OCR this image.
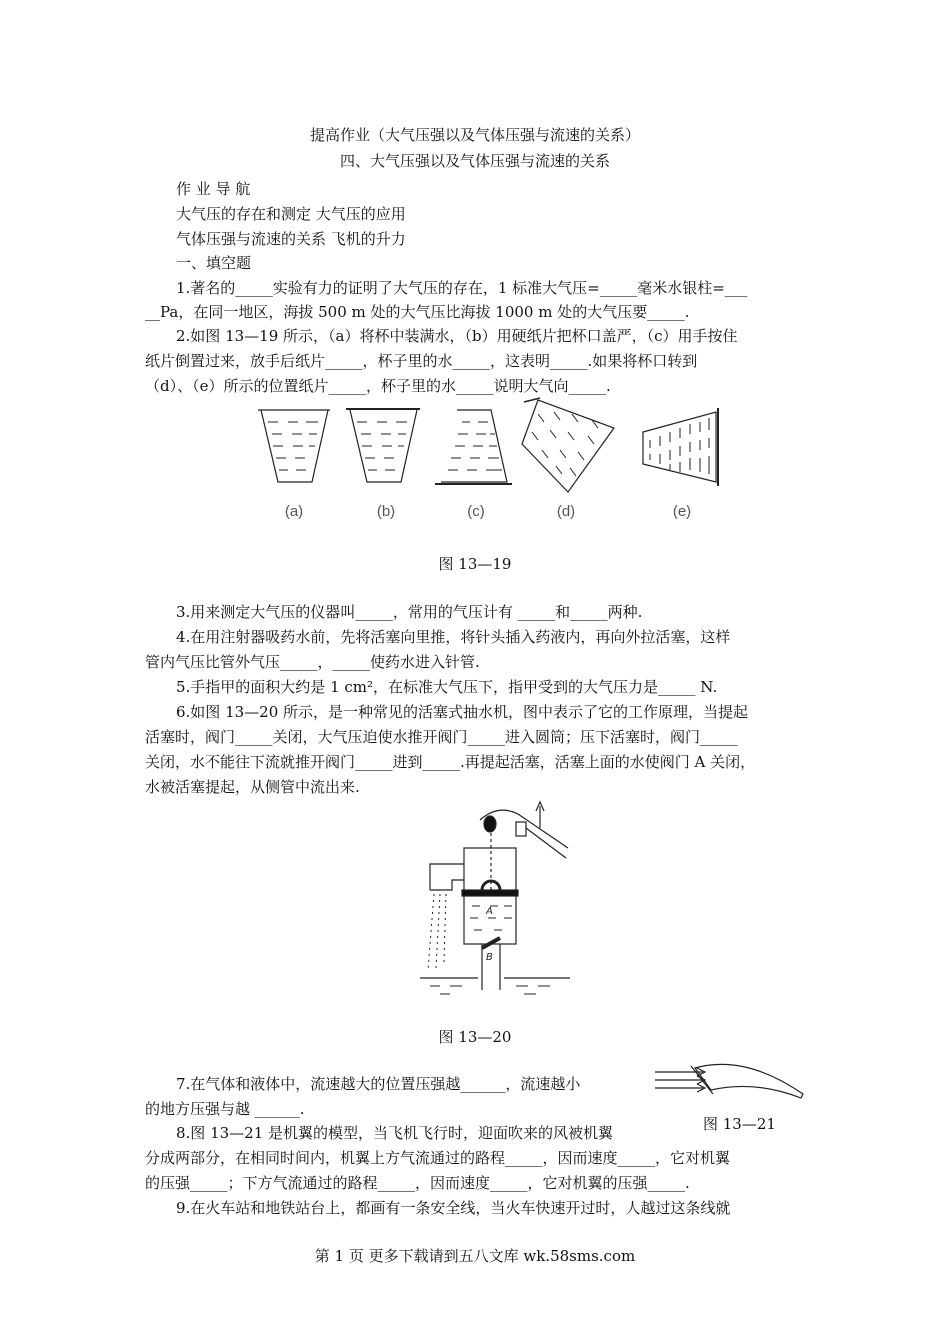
提高作业（大气压强以及气体压强与流速的关系）
四、大气压强以及气体压强与流速的关系
作 业 导 航
大气压的存在和测定 大气压的应用
气体压强与流速的关系 飞机的升力
一、填空题
1.著名的_____实验有力的证明了大气压的存在，1 标准大气压=_____毫米水银柱=___
__Pa，在同一地区，海拔 500 m 处的大气压比海拔 1000 m 处的大气压要_____.
2.如图 13—19 所示，（a）将杯中装满水，（b）用硬纸片把杯口盖严，（c）用手按住
纸片倒置过来，放手后纸片_____，杯子里的水_____，这表明_____.如果将杯口转到
（d）、（e）所示的位置纸片_____，杯子里的水_____说明大气向_____.
(a)	(b)	(c)	(d)	(e)
图 13—19
3.用来测定大气压的仪器叫_____，常用的气压计有 _____和_____两种.
4.在用注射器吸药水前，先将活塞向里推，将针头插入药液内，再向外拉活塞，这样
管内气压比管外气压_____，_____使药水进入针管.
5.手指甲的面积大约是 1 cm²，在标准大气压下，指甲受到的大气压力是_____ N.
6.如图 13—20 所示，是一种常见的活塞式抽水机，图中表示了它的工作原理，当提起
活塞时，阀门_____关闭，大气压迫使水推开阀门_____进入圆筒；压下活塞时，阀门_____
关闭，水不能往下流就推开阀门_____进到_____.再提起活塞，活塞上面的水使阀门 A 关闭，
水被活塞提起，从侧管中流出来.
A
B
图 13—20
7.在气体和液体中，流速越大的位置压强越______，流速越小
的地方压强与越 ______.
图 13—21
8.图 13—21 是机翼的模型，当飞机飞行时，迎面吹来的风被机翼
分成两部分，在相同时间内，机翼上方气流通过的路程_____，因而速度_____，它对机翼
的压强_____；下方气流通过的路程_____，因而速度_____，它对机翼的压强_____.
9.在火车站和地铁站台上，都画有一条安全线，当火车快速开过时，人越过这条线就
第 1 页 更多下载请到五八文库 wk.58sms.com
